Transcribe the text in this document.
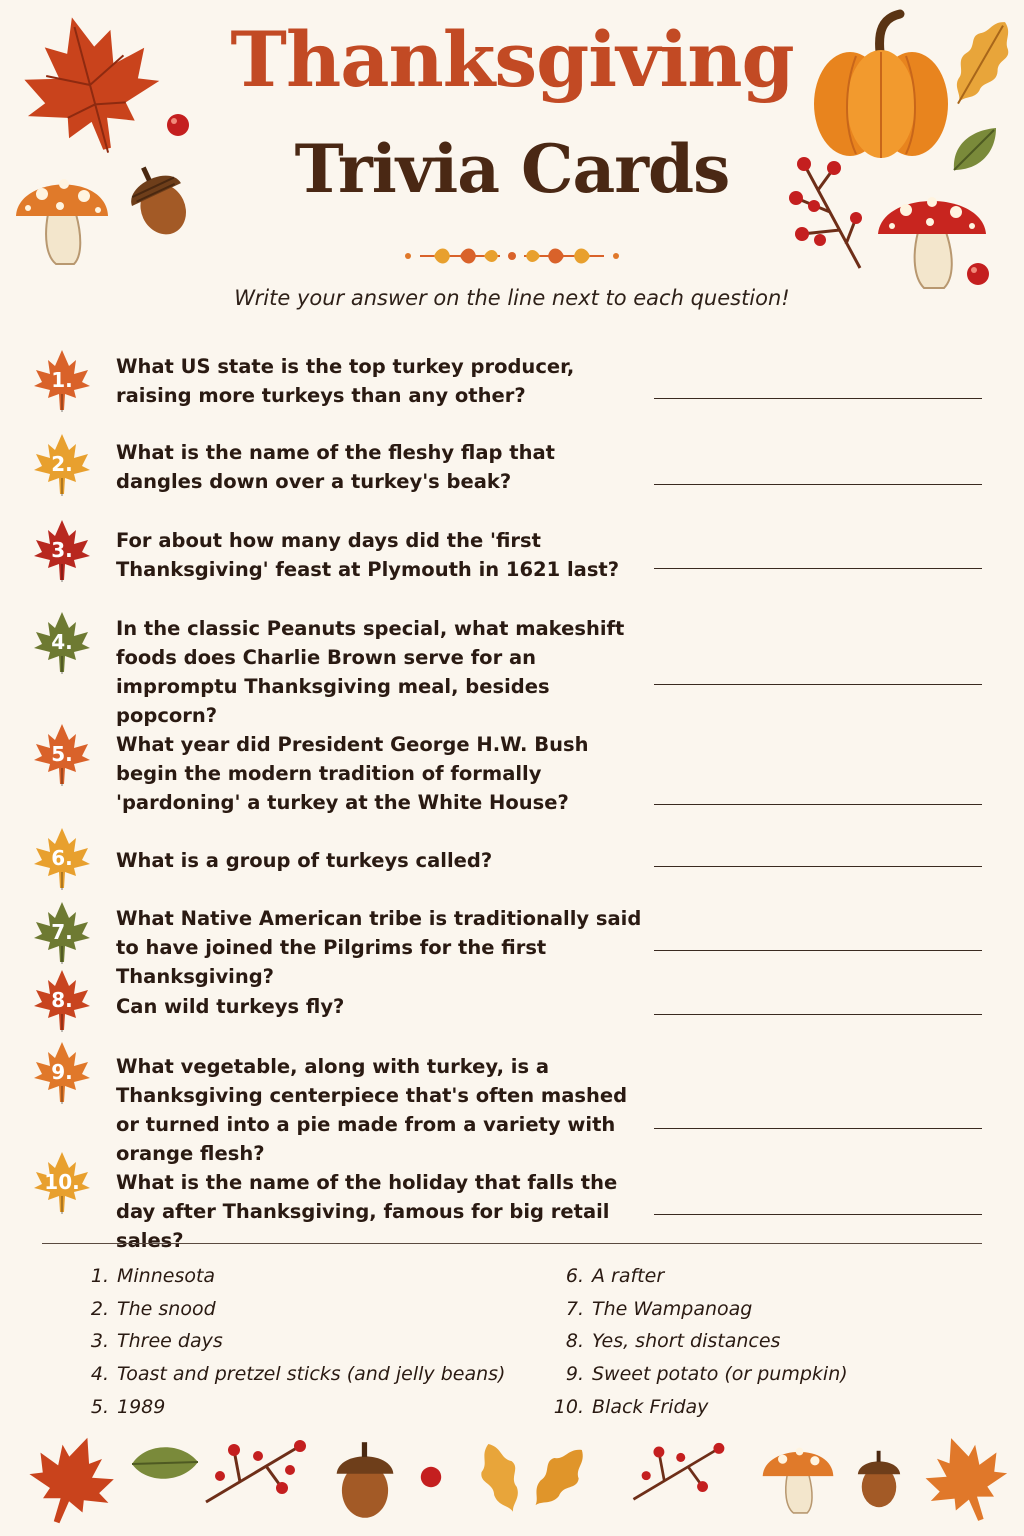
Thanksgiving
Trivia Cards
Write your answer on the line next to each question!
1.
What US state is the top turkey producer, raising more turkeys than any other?
2.	What is the name of the fleshy flap that dangles down over a turkey's beak?
3.	For about how many days did the 'first Thanksgiving' feast at Plymouth in 1621 last?
4.
In the classic Peanuts special, what makeshift foods does Charlie Brown serve for an impromptu Thanksgiving meal, besides popcorn?
5.	What year did President George H.W. Bush begin the modern tradition of formally 'pardoning' a turkey at the White House?
6.	What is a group of turkeys called?
7.
What Native American tribe is traditionally said to have joined the Pilgrims for the first Thanksgiving?
8.	Can wild turkeys fly?
9.	What vegetable, along with turkey, is a Thanksgiving centerpiece that's often mashed or turned into a pie made from a variety with orange flesh?
10.	What is the name of the holiday that falls the day after Thanksgiving, famous for big retail sales?
1. Minnesota
2. The snood
3. Three days
4. Toast and pretzel sticks (and jelly beans)
5. 1989
6. A rafter
7. The Wampanoag
8. Yes, short distances
9. Sweet potato (or pumpkin)
10. Black Friday
